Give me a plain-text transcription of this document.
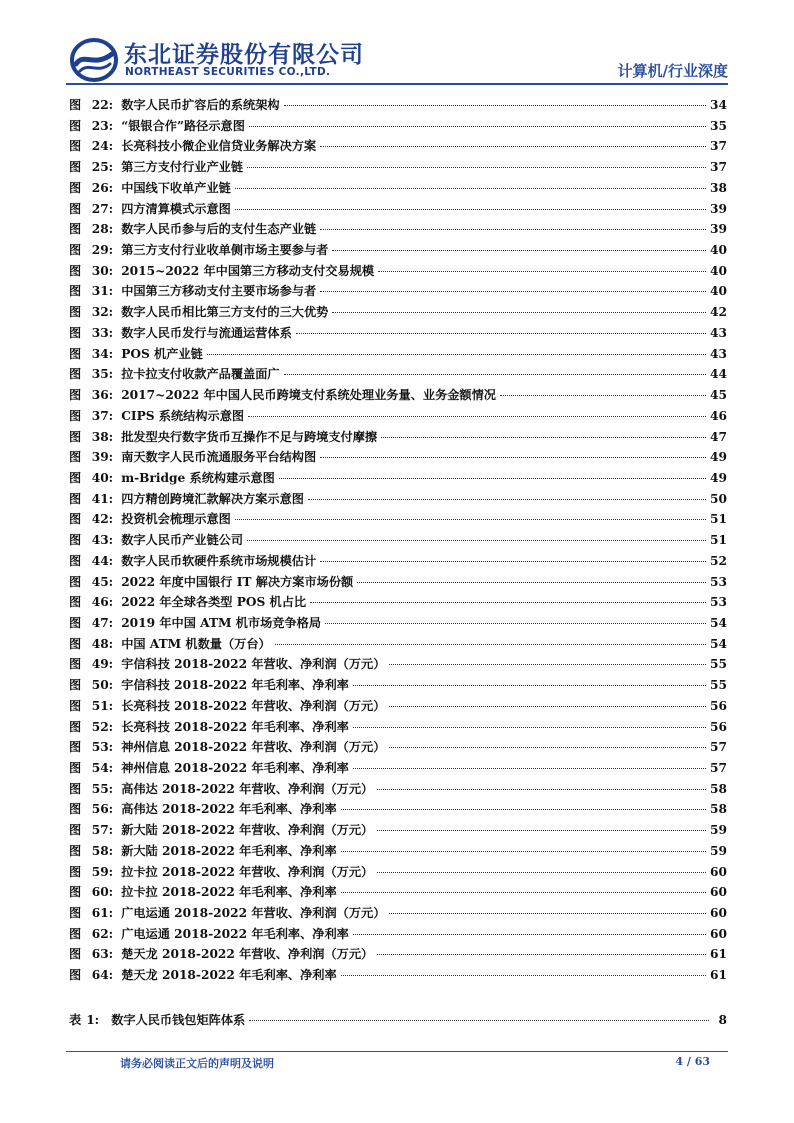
东北证券股份有限公司
NORTHEAST SECURITIES CO.,LTD.	计算机/行业深度
图 22: 数字人民币扩容后的系统架构	34
图 23: “银银合作”路径示意图	35
图 24: 长亮科技小微企业信贷业务解决方案	37
图 25: 第三方支付行业产业链	37
图 26: 中国线下收单产业链	38
图 27: 四方清算模式示意图	39
图 28: 数字人民币参与后的支付生态产业链	39
图 29: 第三方支付行业收单侧市场主要参与者	40
图 30: 2015~2022 年中国第三方移动支付交易规模	40
图 31: 中国第三方移动支付主要市场参与者	40
图 32: 数字人民币相比第三方支付的三大优势	42
图 33: 数字人民币发行与流通运营体系	43
图 34: POS 机产业链	43
图 35: 拉卡拉支付收款产品覆盖面广	44
图 36: 2017~2022 年中国人民币跨境支付系统处理业务量、业务金额情况	45
图 37: CIPS 系统结构示意图	46
图 38: 批发型央行数字货币互操作不足与跨境支付摩擦	47
图 39: 南天数字人民币流通服务平台结构图	49
图 40: m-Bridge 系统构建示意图	49
图 41: 四方精创跨境汇款解决方案示意图	50
图 42: 投资机会梳理示意图	51
图 43: 数字人民币产业链公司	51
图 44: 数字人民币软硬件系统市场规模估计	52
图 45: 2022 年度中国银行 IT 解决方案市场份额	53
图 46: 2022 年全球各类型 POS 机占比	53
图 47: 2019 年中国 ATM 机市场竞争格局	54
图 48: 中国 ATM 机数量（万台）	54
图 49: 宇信科技 2018-2022 年营收、净利润（万元）	55
图 50: 宇信科技 2018-2022 年毛利率、净利率	55
图 51: 长亮科技 2018-2022 年营收、净利润（万元）	56
图 52: 长亮科技 2018-2022 年毛利率、净利率	56
图 53: 神州信息 2018-2022 年营收、净利润（万元）	57
图 54: 神州信息 2018-2022 年毛利率、净利率	57
图 55: 高伟达 2018-2022 年营收、净利润（万元）	58
图 56: 高伟达 2018-2022 年毛利率、净利率	58
图 57: 新大陆 2018-2022 年营收、净利润（万元）	59
图 58: 新大陆 2018-2022 年毛利率、净利率	59
图 59: 拉卡拉 2018-2022 年营收、净利润（万元）	60
图 60: 拉卡拉 2018-2022 年毛利率、净利率	60
图 61: 广电运通 2018-2022 年营收、净利润（万元）	60
图 62: 广电运通 2018-2022 年毛利率、净利率	60
图 63: 楚天龙 2018-2022 年营收、净利润（万元）	61
图 64: 楚天龙 2018-2022 年毛利率、净利率	61
表 1: 数字人民币钱包矩阵体系	8
请务必阅读正文后的声明及说明	4 / 63
